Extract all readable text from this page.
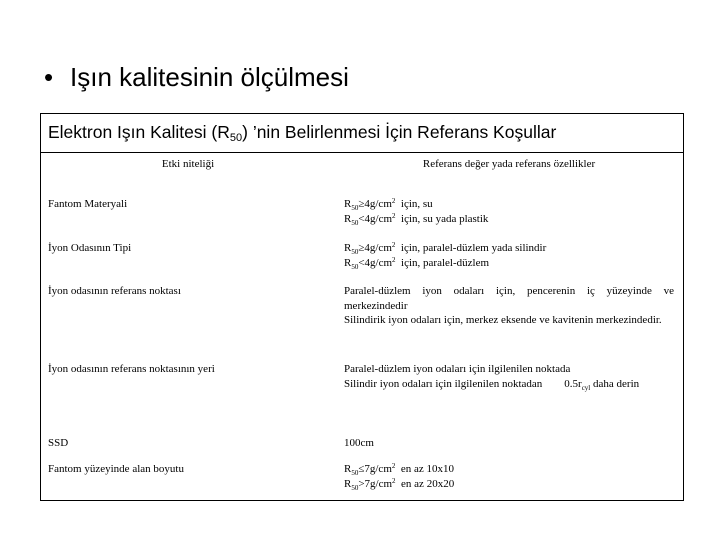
• Işın kalitesinin ölçülmesi
Elektron Işın Kalitesi $(R_{50})$ ’nin Belirlenmesi İçin Referans Koşullar
Etki niteliği	Referans değer yada referans özellikler
Fantom Materyali	$R_{50}\ge 4g/cm^2$  için, su
$R_{50}<4g/cm^2$  için, su yada plastik
İyon Odasının Tipi	$R_{50}\ge 4g/cm^2$  için, paralel-düzlem yada silindir
$R_{50}<4g/cm^2$  için, paralel-düzlem
İyon odasının referans noktası	Paralel-düzlem iyon odaları için, pencerenin iç yüzeyinde ve merkezindedir
Silindirik iyon odaları için, merkez eksende ve kavitenin merkezindedir.
İyon odasının referans noktasının yeri	Paralel-düzlem iyon odaları için ilgilenilen noktada
Silindir iyon odaları için ilgilenilen noktadan $0.5r_{cyl}$ daha derin
SSD	100cm
Fantom yüzeyinde alan boyutu	$R_{50}\le 7g/cm^2$  en az 10x10
$R_{50}>7g/cm^2$  en az 20x20
